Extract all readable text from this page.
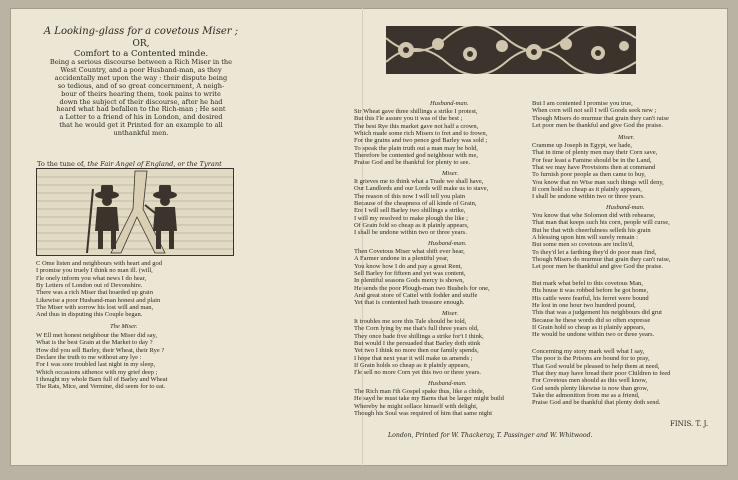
A Looking-glass for a covetous Miser ;
OR,
Comfort to a Contented minde.

Being a serious discourse between a Rich Miser in the

West Country, and a poor Husband-man, as they

accidentally met upon the way : their dispute being

so tedious, and of so great concernment, A neigh-

bour of theirs hearing them, took pains to write

down the subject of their discourse, after he had

heard what had befallen to the Rich-man ; He sent

a Letter to a friend of his in London, and desired

that he would get it Printed for an example to all

unthankful men.

To the tune of, the Fair Angel of England, or the Tyrant

C Ome listen and neighbours with heart and god

I promise you truely I think no man ill. (will,

I'le onely inform you what news I do hear,

By Letters of London out of Devonshire.

There was a rich Miser that hoarded up grain

Likewise a poor Husband-man honest and plain

The Miser with sorrow his lost will and man,

And thus in disputing this Couple began.

The Miser.

W Ell met honest neighbour the Miser did say,

What is the best Grain at the Market to day ?

How did you sell Barley, their Wheat, their Rye ?

Declare the truth to me without any lye :

For I was sore troubled last night in my sleep,

Which occasions sithence with my grief deep ;

I thought my whole Barn full of Barley and Wheat

The Rats, Mice, and Vermine, did seem for to eat.

Husband-man.

Sir Wheat gave three shillings a strike I protest,

But this I'le assure you it was of the best ;

The best Rye this market gave not half a crown,

Which made some rich Misers to fret and to frown,

For the grains and two pence god Barley was sold ;

To speak the plain truth out a man may be bold,

Therefore be contented god neighbour with me,

Praise God and be thankful for plenty to see.

Miser.

It grieves me to think what a Trade we shall have,

Our Landlords and our Lords will make us to stave,

The reason of this now I will tell you plain

Because of the cheapness of all kinde of Grain,

Ere I will sell Barley two shillings a strike,

I will my resolved to make plough the like ;

Of Grain fold so cheap as it plainly appears,

I shall be undone within two or three years.

Husband-man.

Then Covetous Miser what shift ever hear,

A Farmer undone in a plentiful year,

You know how I do and pay a great Rent,

Sell Barley for fifteen and yet was content,

In plentiful seasons Gods mercy is shown,

He sends the poor Plough-man two Bushels for one,

And great store of Cattel with fodder and stuffe

Yet that is contented hath treasure enough.

Miser.

It troubles me sore this Tale should be told,

The Corn lying by me that's full three years old,

They once bade five shillings a strike for't I think,

But would I the persuaded that Barley doth stink

Yet two I think no more then our family spends,

I hope that next year it will make us amends ;

If Grain holds so cheap as it plainly appears,

I'le sell no more Corn yet this two or three years.

Husband-man.

The Rich man i'th Gospel spake thus, like a chide,

He sayd he must take my Barns that be larger might build

Whereby he might sollace himself with delight,

Though his Soul was required of him that same night

But I am contented I promise you true,

When corn will not sell I will Goods seek new ;

Though Misers do murmur that grain they can't raise

Let poor men be thankful and give God the praise.

Miser.

Cramme up Joseph in Egypt, we hade,

That in time of plenty men may their Corn save,

For fear least a Famine should be in the Land,

That we may have Provisions then at command

To furnish poor people as then came to buy,

You know that no Wise man such things will deny,

If corn hold so cheap as it plainly appears,

I shall be undone within two or three years.

Husband-man.

You know that whe Solomon did with rehearse,

That man that keeps such his corn, people will curse,

But he that with cheerfulness selleth his grain

A blessing upon him will surely remain :

But some men so covetous are inclin'd,

To they'd let a farthing they'd do poor man find,

Though Misers do murmur that grain they can't raise,

Let poor men be thankful and give God the praise.

But mark what befel to this covetous Man,

His house it was robbed before he got home,

His cattle were fearful, his ferret were bound

He lost in one hour two hundred pound,

This that was a judgement his neighbours did grut

Because he these words did so often expresse

If Grain hold so cheap as it plainly appears,

He would be undone within two or three years.

Concerning my story mark well what I say,

The poor is the Prisons are bound for to pray,

That God would be pleased to help them at need,

That they may have bread their poor Children to feed

For Covetous men should as this well know,

God sends plenty likewise is now than grow,

Take the admonition from me as a friend,

Praise God and be thankful that plenty doth send.

FINIS. T. J.
London, Printed for W. Thackeray, T. Passinger and W. Whitwood.
